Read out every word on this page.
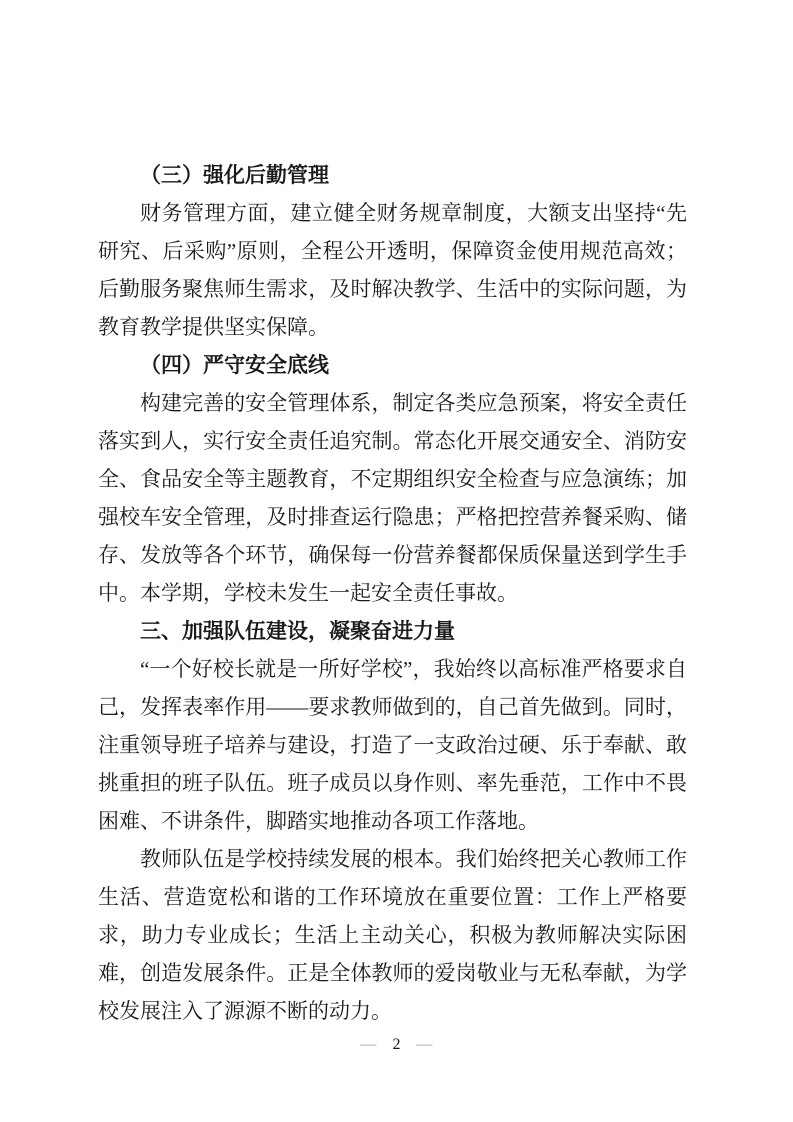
（三）强化后勤管理
财务管理方面，建立健全财务规章制度，大额支出坚持“先研究、后采购”原则，全程公开透明，保障资金使用规范高效；后勤服务聚焦师生需求，及时解决教学、生活中的实际问题，为教育教学提供坚实保障。
（四）严守安全底线
构建完善的安全管理体系，制定各类应急预案，将安全责任落实到人，实行安全责任追究制。常态化开展交通安全、消防安全、食品安全等主题教育，不定期组织安全检查与应急演练；加强校车安全管理，及时排查运行隐患；严格把控营养餐采购、储存、发放等各个环节，确保每一份营养餐都保质保量送到学生手中。本学期，学校未发生一起安全责任事故。
三、加强队伍建设，凝聚奋进力量
“一个好校长就是一所好学校”，我始终以高标准严格要求自己，发挥表率作用——要求教师做到的，自己首先做到。同时，注重领导班子培养与建设，打造了一支政治过硬、乐于奉献、敢挑重担的班子队伍。班子成员以身作则、率先垂范，工作中不畏困难、不讲条件，脚踏实地推动各项工作落地。
教师队伍是学校持续发展的根本。我们始终把关心教师工作生活、营造宽松和谐的工作环境放在重要位置：工作上严格要求，助力专业成长；生活上主动关心，积极为教师解决实际困难，创造发展条件。正是全体教师的爱岗敬业与无私奉献，为学校发展注入了源源不断的动力。
— 2 —
